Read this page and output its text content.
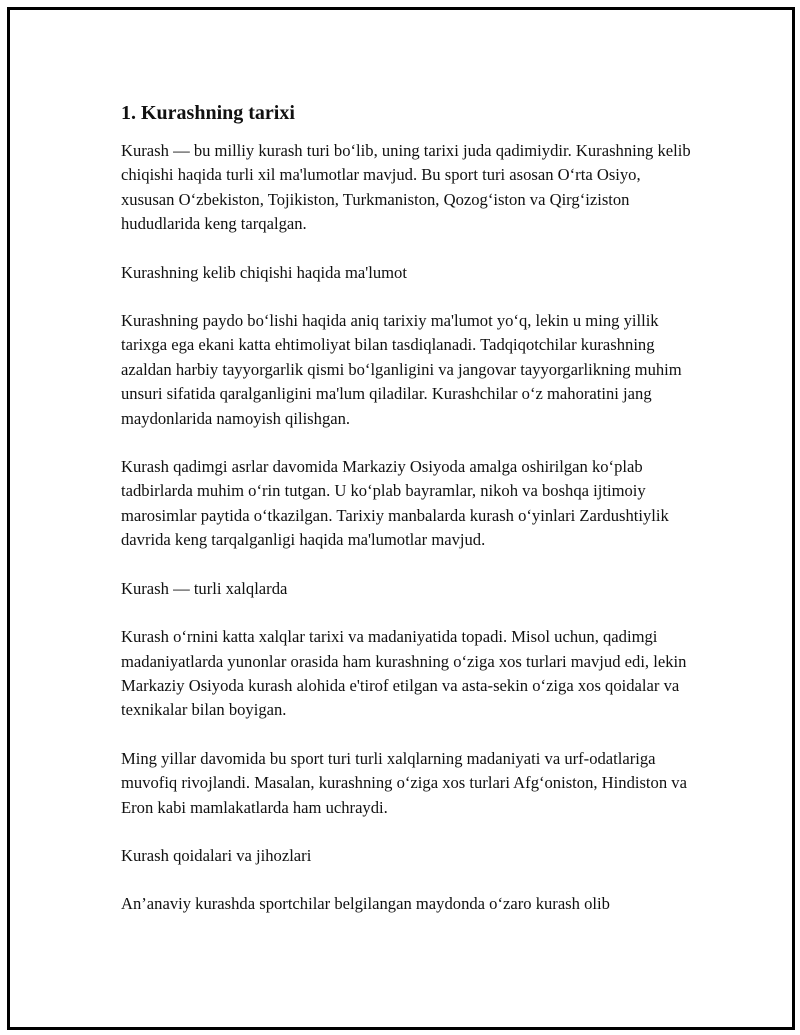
1. Kurashning tarixi

Kurash — bu milliy kurash turi bo‘lib, uning tarixi juda qadimiydir. Kurashning kelib chiqishi haqida turli xil ma'lumotlar mavjud. Bu sport turi asosan O‘rta Osiyo, xususan O‘zbekiston, Tojikiston, Turkmaniston, Qozog‘iston va Qirg‘iziston hududlarida keng tarqalgan.

Kurashning kelib chiqishi haqida ma'lumot

Kurashning paydo bo‘lishi haqida aniq tarixiy ma'lumot yo‘q, lekin u ming yillik tarixga ega ekani katta ehtimoliyat bilan tasdiqlanadi. Tadqiqotchilar kurashning azaldan harbiy tayyorgarlik qismi bo‘lganligini va jangovar tayyorgarlikning muhim unsuri sifatida qaralganligini ma'lum qiladilar. Kurashchilar o‘z mahoratini jang maydonlarida namoyish qilishgan.

Kurash qadimgi asrlar davomida Markaziy Osiyoda amalga oshirilgan ko‘plab tadbirlarda muhim o‘rin tutgan. U ko‘plab bayramlar, nikoh va boshqa ijtimoiy marosimlar paytida o‘tkazilgan. Tarixiy manbalarda kurash o‘yinlari Zardushtiylik davrida keng tarqalganligi haqida ma'lumotlar mavjud.

Kurash — turli xalqlarda

Kurash o‘rnini katta xalqlar tarixi va madaniyatida topadi. Misol uchun, qadimgi madaniyatlarda yunonlar orasida ham kurashning o‘ziga xos turlari mavjud edi, lekin Markaziy Osiyoda kurash alohida e'tirof etilgan va asta-sekin o‘ziga xos qoidalar va texnikalar bilan boyigan.

Ming yillar davomida bu sport turi turli xalqlarning madaniyati va urf-odatlariga muvofiq rivojlandi. Masalan, kurashning o‘ziga xos turlari Afg‘oniston, Hindiston va Eron kabi mamlakatlarda ham uchraydi.

Kurash qoidalari va jihozlari

An’anaviy kurashda sportchilar belgilangan maydonda o‘zaro kurash olib
